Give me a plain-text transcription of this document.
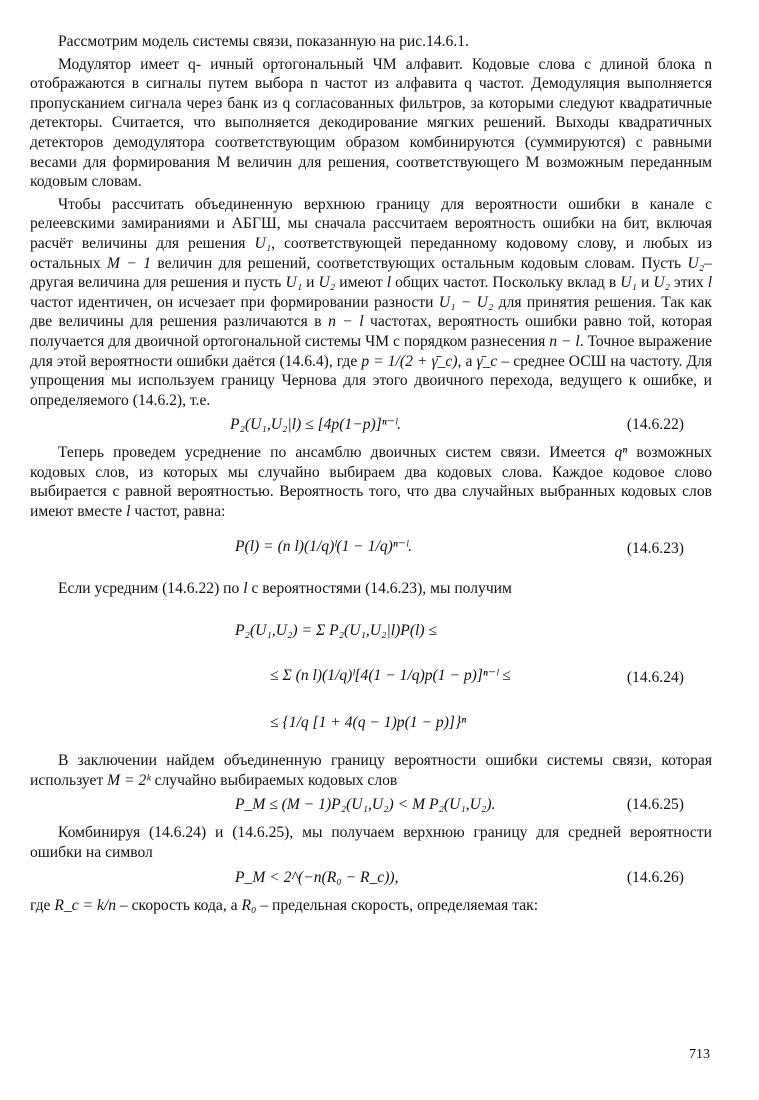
Рассмотрим модель системы связи, показанную на рис.14.6.1.

Модулятор имеет q- ичный ортогональный ЧМ алфавит. Кодовые слова с длиной блока n отображаются в сигналы путем выбора n частот из алфавита q частот. Демодуляция выполняется пропусканием сигнала через банк из q согласованных фильтров, за которыми следуют квадратичные детекторы. Считается, что выполняется декодирование мягких решений. Выходы квадратичных детекторов демодулятора соответствующим образом комбинируются (суммируются) с равными весами для формирования M величин для решения, соответствующего M возможным переданным кодовым словам.

Чтобы рассчитать объединенную верхнюю границу для вероятности ошибки в канале с релеевскими замираниями и АБГШ, мы сначала рассчитаем вероятность ошибки на бит, включая расчёт величины для решения U₁, соответствующей переданному кодовому слову, и любых из остальных M − 1 величин для решений, соответствующих остальным кодовым словам. Пусть U₂– другая величина для решения и пусть U₁ и U₂ имеют l общих частот. Поскольку вклад в U₁ и U₂ этих l частот идентичен, он исчезает при формировании разности U₁ − U₂ для принятия решения. Так как две величины для решения различаются в n − l частотах, вероятность ошибки равно той, которая получается для двоичной ортогональной системы ЧМ с порядком разнесения n − l. Точное выражение для этой вероятности ошибки даётся (14.6.4), где p = 1/(2 + γ̄_c), а γ̄_c – среднее ОСШ на частоту. Для упрощения мы используем границу Чернова для этого двоичного перехода, ведущего к ошибке, и определяемого (14.6.2), т.е.

P₂(U₁,U₂|l) ≤ [4p(1−p)]ⁿ⁻ˡ.	(14.6.22)

Теперь проведем усреднение по ансамблю двоичных систем связи. Имеется qⁿ возможных кодовых слов, из которых мы случайно выбираем два кодовых слова. Каждое кодовое слово выбирается с равной вероятностью. Вероятность того, что два случайных выбранных кодовых слов имеют вместе l частот, равна:

P(l) = (n l)(1/q)ˡ(1 − 1/q)ⁿ⁻ˡ.	(14.6.23)

Если усредним (14.6.22) по l с вероятностями (14.6.23), мы получим

P₂(U₁,U₂) = Σ P₂(U₁,U₂|l)P(l) ≤
≤ Σ (n l)(1/q)ˡ[4(1 − 1/q)p(1 − p)]ⁿ⁻ˡ ≤
≤ {1/q [1 + 4(q − 1)p(1 − p)]}ⁿ
(14.6.24)

В заключении найдем объединенную границу вероятности ошибки системы связи, которая использует M = 2ᵏ случайно выбираемых кодовых слов

P_M ≤ (M − 1)P₂(U₁,U₂) < M P₂(U₁,U₂).	(14.6.25)

Комбинируя (14.6.24) и (14.6.25), мы получаем верхнюю границу для средней вероятности ошибки на символ

P_M < 2^(−n(R₀ − R_c)),	(14.6.26)

где R_c = k/n – скорость кода, а R₀ – предельная скорость, определяемая так:

713
